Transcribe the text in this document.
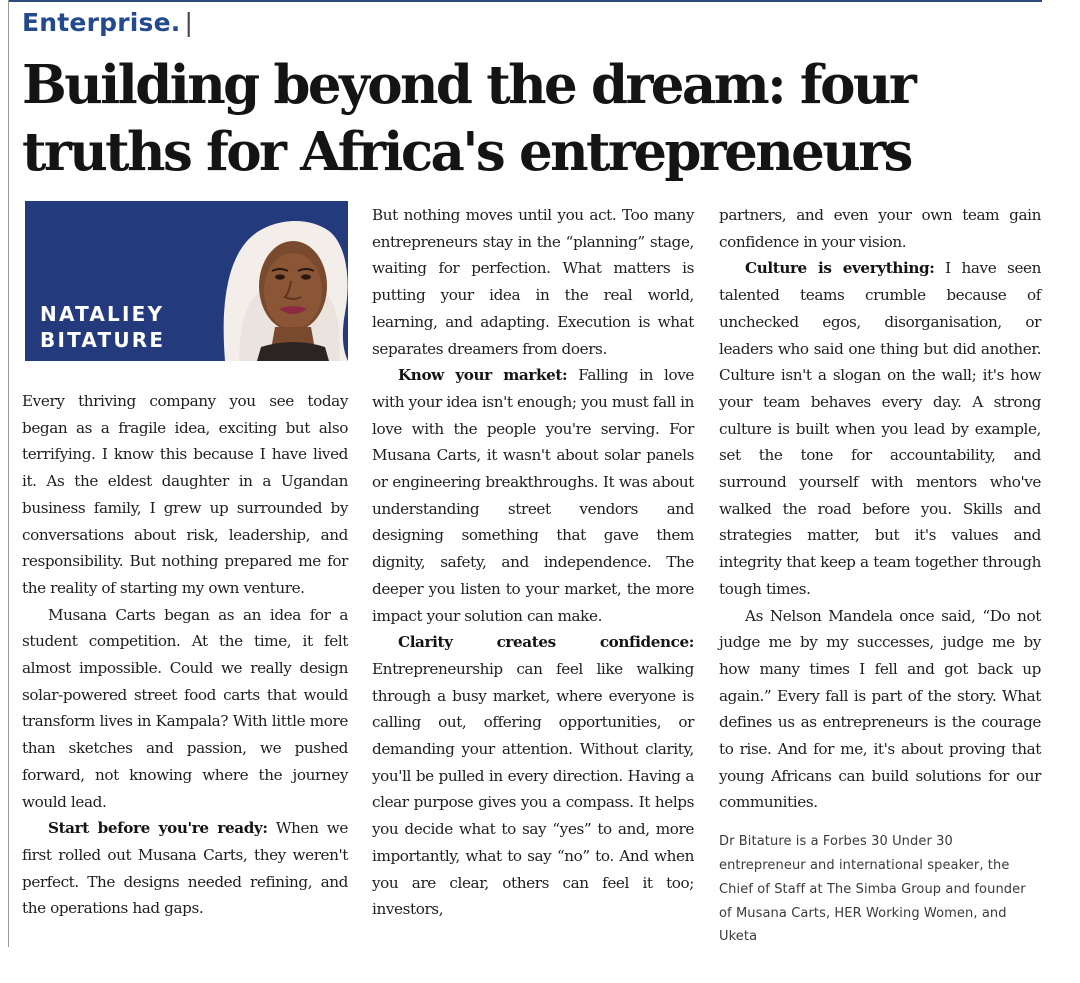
Enterprise. |
Building beyond the dream: four truths for Africa's entrepreneurs
NATALIEY
BITATURE

Every thriving company you see today began as a fragile idea, exciting but also terrifying. I know this because I have lived it. As the eldest daughter in a Ugandan business family, I grew up surrounded by conversations about risk, leadership, and responsibility. But nothing prepared me for the reality of starting my own venture.

Musana Carts began as an idea for a student competition. At the time, it felt almost impossible. Could we really design solar-powered street food carts that would transform lives in Kampala? With little more than sketches and passion, we pushed forward, not knowing where the journey would lead.

Start before you're ready: When we first rolled out Musana Carts, they weren't perfect. The designs needed refining, and the operations had gaps.

But nothing moves until you act. Too many entrepreneurs stay in the “planning” stage, waiting for perfection. What matters is putting your idea in the real world, learning, and adapting. Execution is what separates dreamers from doers.

Know your market: Falling in love with your idea isn't enough; you must fall in love with the people you're serving. For Musana Carts, it wasn't about solar panels or engineering breakthroughs. It was about understanding street vendors and designing something that gave them dignity, safety, and independence. The deeper you listen to your market, the more impact your solution can make.

Clarity creates confidence: Entrepreneurship can feel like walking through a busy market, where everyone is calling out, offering opportunities, or demanding your attention. Without clarity, you'll be pulled in every direction. Having a clear purpose gives you a compass. It helps you decide what to say “yes” to and, more importantly, what to say “no” to. And when you are clear, others can feel it too; investors,

partners, and even your own team gain confidence in your vision.

Culture is everything: I have seen talented teams crumble because of unchecked egos, disorganisation, or leaders who said one thing but did another. Culture isn't a slogan on the wall; it's how your team behaves every day. A strong culture is built when you lead by example, set the tone for accountability, and surround yourself with mentors who've walked the road before you. Skills and strategies matter, but it's values and integrity that keep a team together through tough times.

As Nelson Mandela once said, “Do not judge me by my successes, judge me by how many times I fell and got back up again.” Every fall is part of the story. What defines us as entrepreneurs is the courage to rise. And for me, it's about proving that young Africans can build solutions for our communities.

Dr Bitature is a Forbes 30 Under 30 entrepreneur and international speaker, the Chief of Staff at The Simba Group and founder of Musana Carts, HER Working Women, and Uketa
